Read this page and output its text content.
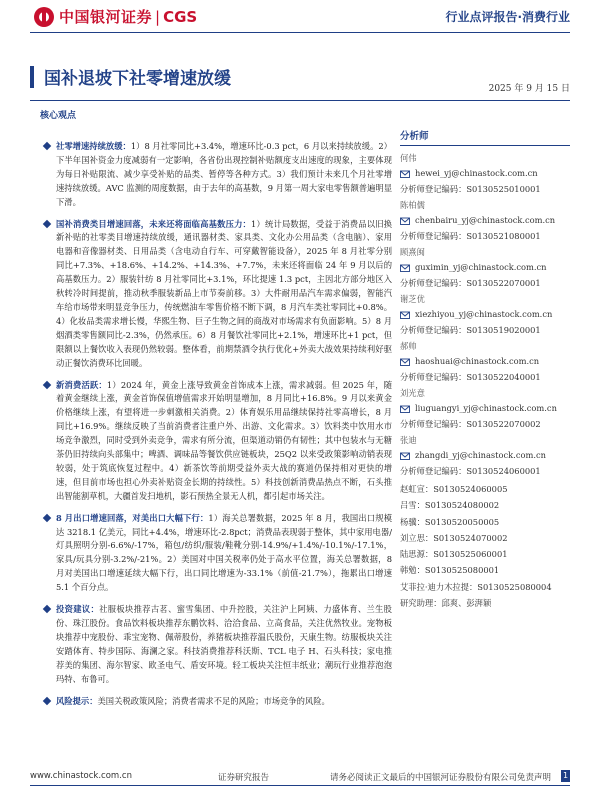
中国银河证券 | CGS	行业点评报告·消费行业
国补退坡下社零增速放缓	2025 年 9 月 15 日
核心观点
社零增速持续放缓：1）8 月社零同比+3.4%，增速环比-0.3 pct，6 月以来持续放缓。2）下半年国补资金力度减弱有一定影响，各省份出现控制补贴额度支出速度的现象，主要体现为每日补贴限流、减少享受补贴的品类、暂停等各种方式。3）我们预计未来几个月社零增速持续放缓。AVC 监测的周度数据，由于去年的高基数，9 月第一周大家电零售额普遍明显下滑。
国补消费类目增速回落，未来还将面临高基数压力：1）统计局数据，受益于消费品以旧换新补贴的社零类目增速持续放缓，通讯器材类、家具类、文化办公用品类（含电脑）、家用电器和音像器材类、日用品类（含电动自行车、可穿戴智能设备），2025 年 8 月社零分别同比+7.3%、+18.6%、+14.2%、+14.3%、+7.7%，未来还将面临 24 年 9 月以后的高基数压力。2）服装针纺 8 月社零同比+3.1%，环比提速 1.3 pct，主因北方部分地区入秋转冷时间提前，推动秋季服装新品上市节奏前移。3）大件耐用品汽车需求偏弱，智能汽车给市场带来明显竞争压力，传统燃油车零售价格不断下调，8 月汽车类社零同比+0.8%。4）化妆品类需求增长慢，华熙生物、巨子生物之间的商战对市场需求有负面影响。5）8 月烟酒类零售额同比-2.3%，仍然承压。6）8 月餐饮社零同比+2.1%，增速环比+1 pct，但限额以上餐饮收入表现仍然较弱。整体看，前期禁酒令执行优化+外卖大战效果持续利好驱动正餐饮消费环比回暖。
新消费活跃：1）2024 年，黄金上涨导致黄金首饰成本上涨，需求减弱。但 2025 年，随着黄金继续上涨，黄金首饰保值增值需求开始明显增加，8 月同比+16.8%。9 月以来黄金价格继续上涨，有望将进一步刺激相关消费。2）体育娱乐用品继续保持社零高增长，8 月同比+16.9%。继续反映了当前消费者注重户外、出游、文化需求。3）饮料类中饮用水市场竞争激烈，同时受到外卖竞争，需求有所分流，但渠道动销仍有韧性；其中包装水与无糖茶仍旧持续向头部集中；啤酒、调味品等餐饮供应链板块，25Q2 以来受政策影响动销表现较弱，处于筑底恢复过程中。4）新茶饮等前期受益外卖大战的赛道仍保持相对更快的增速，但目前市场也担心外卖补贴资金长期的持续性。5）科技创新消费品热点不断，石头推出智能割草机，大疆首发扫地机，影石预热全景无人机，都引起市场关注。
8 月出口增速回落，对美出口大幅下行：1）海关总署数据，2025 年 8 月，我国出口规模达 3218.1 亿美元，同比+4.4%，增速环比-2.8pct；消费品表现弱于整体，其中家用电器/灯具照明分别-6.6%/-17%，箱包/纺织/服装/鞋靴分别-14.9%/+1.4%/-10.1%/-17.1%，家具/玩具分别-3.2%/-21%。2）美国对中国关税率仍处于高水平位置，海关总署数据，8 月对美国出口增速延续大幅下行，出口同比增速为-33.1%（前值-21.7%），拖累出口增速 5.1 个百分点。
投资建议：社服板块推荐古茗、蜜雪集团、中升控股，关注沪上阿姨、力盛体育、兰生股份、珠江股份。食品饮料板块推荐东鹏饮料、洽洽食品、立高食品，关注优然牧业。宠物板块推荐中宠股份、乖宝宠物、佩蒂股份，养猪板块推荐温氏股份，天康生物。纺服板块关注安踏体育、特步国际、海澜之家。科技消费推荐科沃斯、TCL 电子 H、石头科技；家电推荐美的集团、海尔智家、欧圣电气、盾安环境。轻工板块关注恒丰纸业；潮玩行业推荐泡泡玛特、布鲁可。
风险提示：美国关税政策风险；消费者需求不足的风险；市场竞争的风险。
分析师
何伟
hewei_yj@chinastock.com.cn
分析师登记编码：S0130525010001
陈柏儒
chenbairu_yj@chinastock.com.cn
分析师登记编码：S0130521080001
顾熹闽
guximin_yj@chinastock.com.cn
分析师登记编码：S0130522070001
谢芝优
xiezhiyou_yj@chinastock.com.cn
分析师登记编码：S0130519020001
郝帅
haoshuai@chinastock.com.cn
分析师登记编码：S0130522040001
刘光意
liuguangyi_yj@chinastock.com.cn
分析师登记编码：S0130522070002
张迪
zhangdi_yj@chinastock.com.cn
分析师登记编码：S0130524060001
赵虹宣：S0130524060005
吕雪：S0130524080002
杨骥：S0130520050005
刘立思：S0130524070002
陆思源：S0130525060001
韩勉：S0130525080001
艾菲拉·迪力木拉提：S0130525080004
研究助理：邱爽、彭湃颖
www.chinastock.com.cn	证券研究报告	请务必阅读正文最后的中国银河证券股份有限公司免责声明 1
